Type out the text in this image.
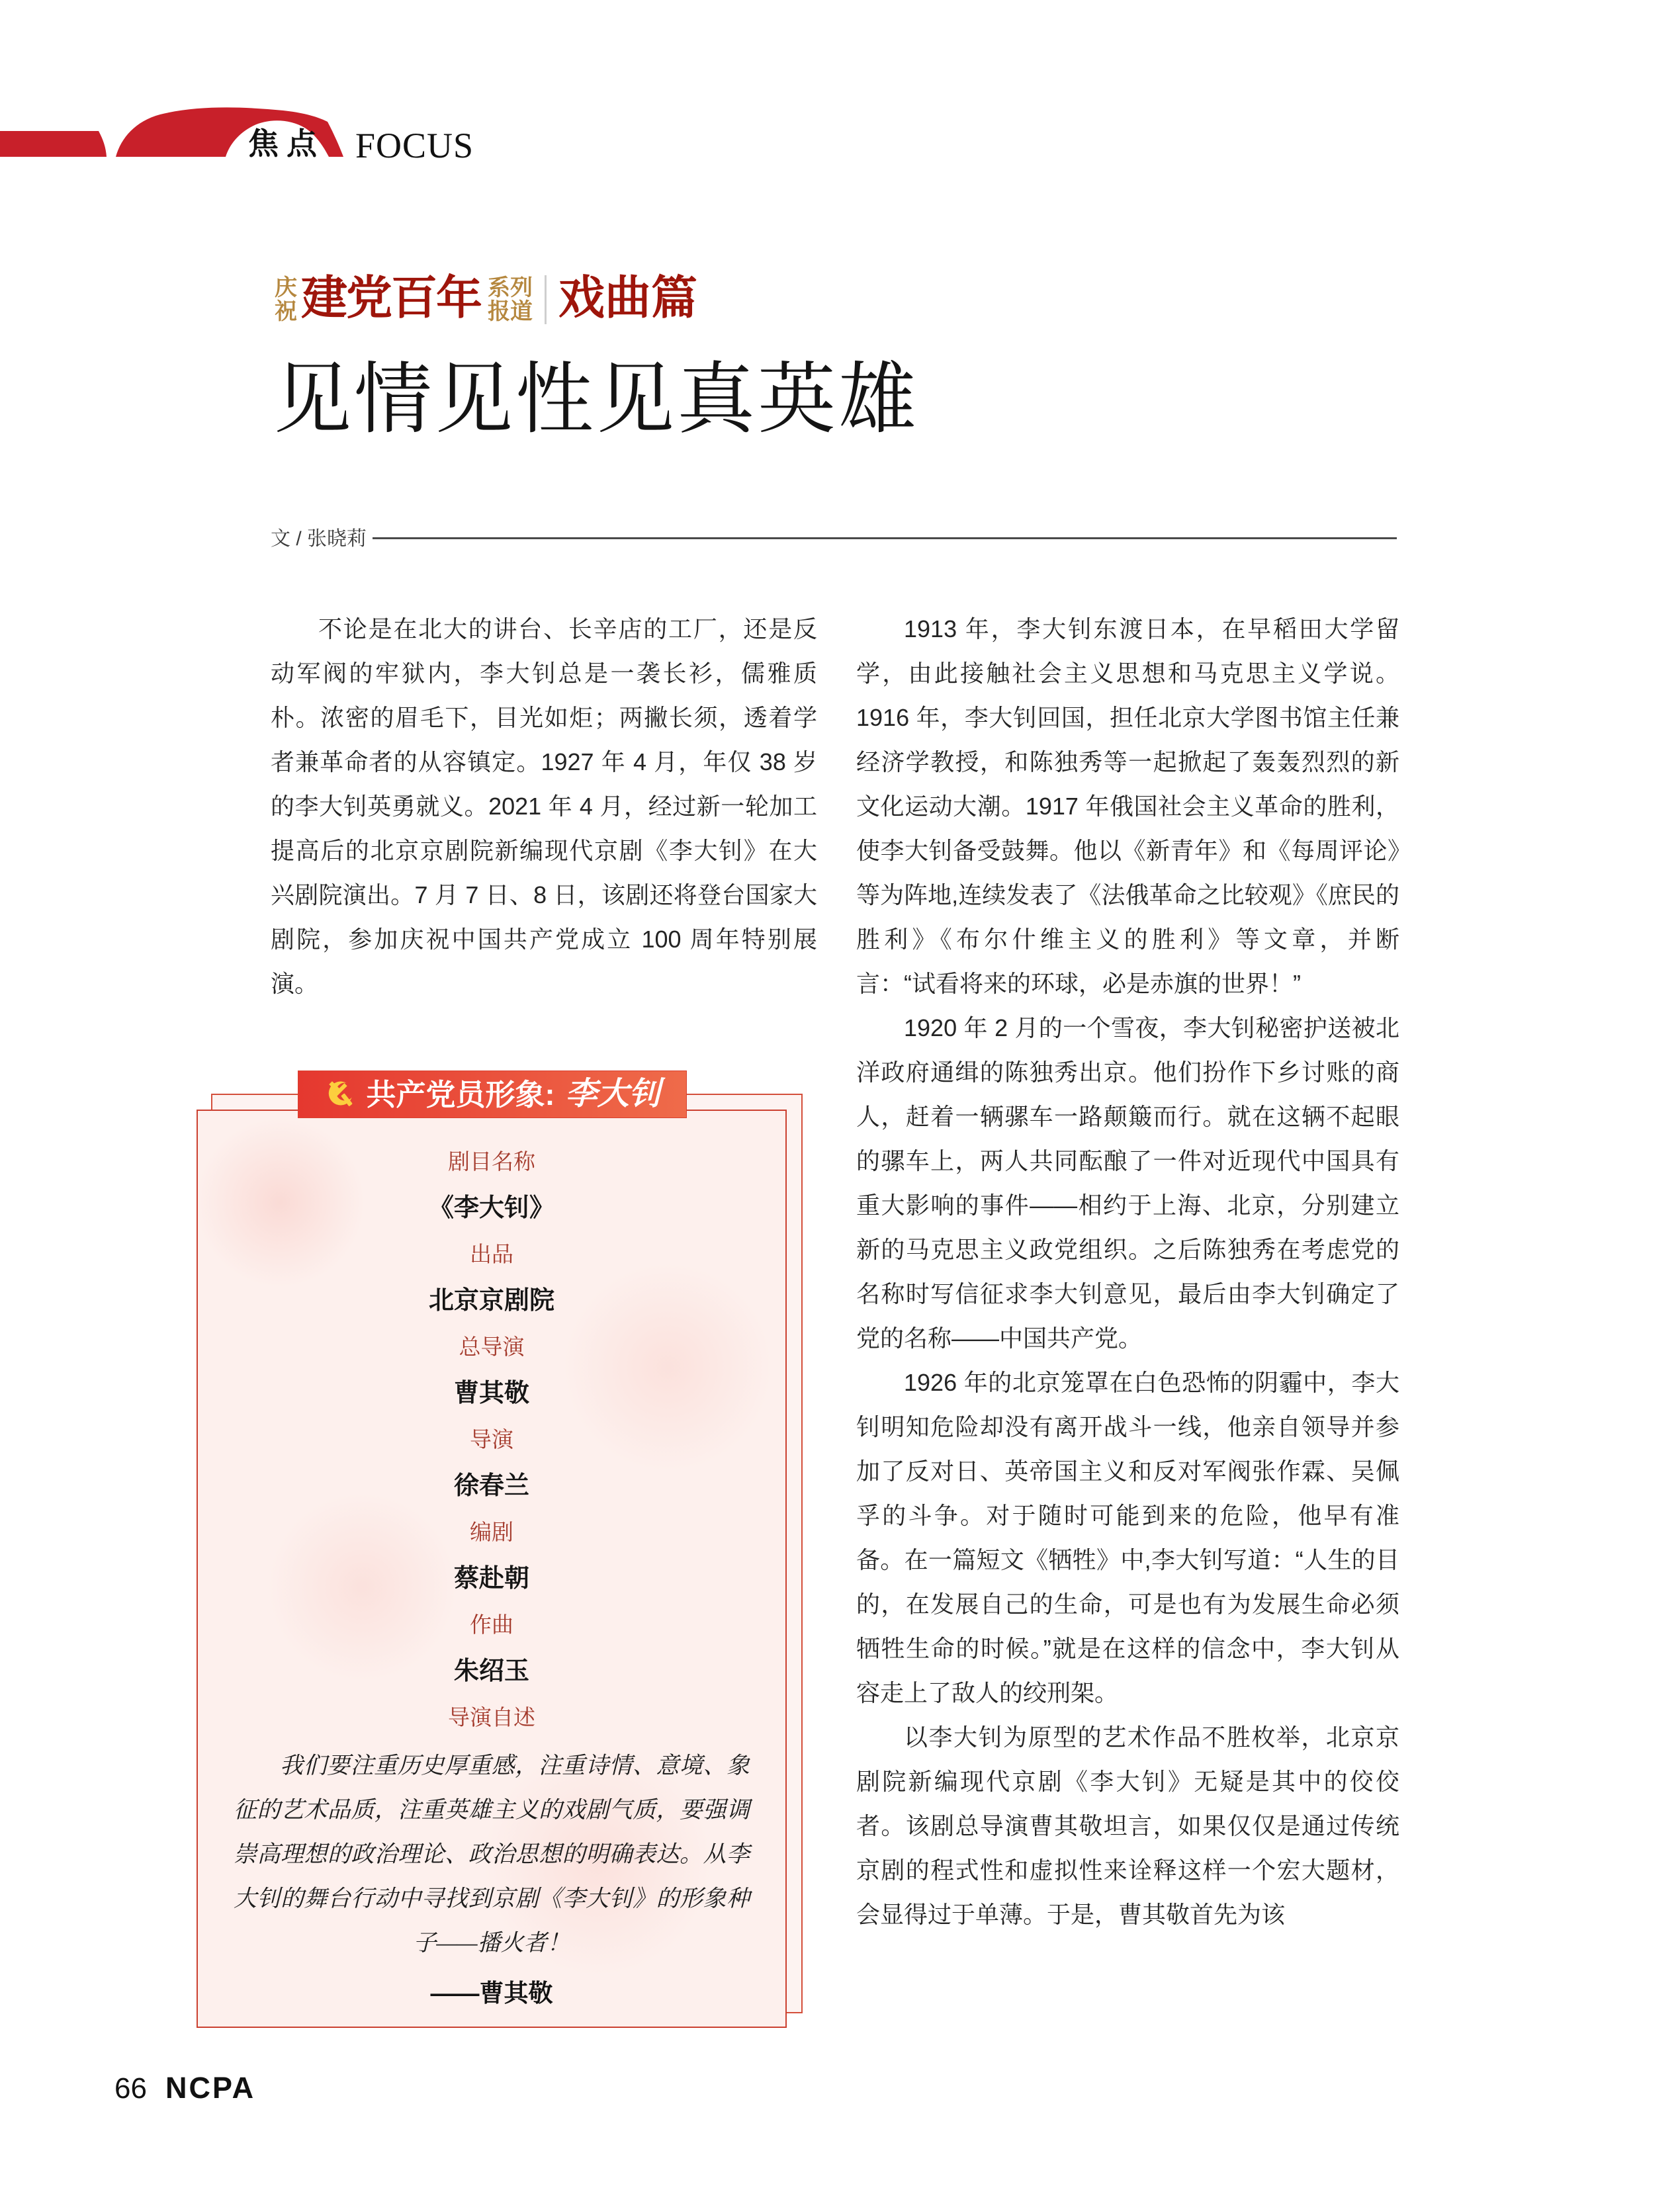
焦点 FOCUS
庆
祝 建党百年 系列
报道 戏曲篇
见情见性见真英雄
文 / 张晓莉

不论是在北大的讲台、长辛店的工厂，还是反动军阀的牢狱内，李大钊总是一袭长衫，儒雅质朴。浓密的眉毛下，目光如炬；两撇长须，透着学者兼革命者的从容镇定。1927 年 4 月，年仅 38 岁的李大钊英勇就义。2021 年 4 月，经过新一轮加工提高后的北京京剧院新编现代京剧《李大钊》在大兴剧院演出。7 月 7 日、8 日，该剧还将登台国家大剧院，参加庆祝中国共产党成立 100 周年特别展演。

1913 年，李大钊东渡日本，在早稻田大学留学，由此接触社会主义思想和马克思主义学说。1916 年，李大钊回国，担任北京大学图书馆主任兼经济学教授，和陈独秀等一起掀起了轰轰烈烈的新文化运动大潮。1917 年俄国社会主义革命的胜利，使李大钊备受鼓舞。他以《新青年》和《每周评论》等为阵地,连续发表了《法俄革命之比较观》《庶民的胜利》《布尔什维主义的胜利》等文章，并断言：“试看将来的环球，必是赤旗的世界！”

1920 年 2 月的一个雪夜，李大钊秘密护送被北洋政府通缉的陈独秀出京。他们扮作下乡讨账的商人，赶着一辆骡车一路颠簸而行。就在这辆不起眼的骡车上，两人共同酝酿了一件对近现代中国具有重大影响的事件——相约于上海、北京，分别建立新的马克思主义政党组织。之后陈独秀在考虑党的名称时写信征求李大钊意见，最后由李大钊确定了党的名称——中国共产党。

1926 年的北京笼罩在白色恐怖的阴霾中，李大钊明知危险却没有离开战斗一线，他亲自领导并参加了反对日、英帝国主义和反对军阀张作霖、吴佩孚的斗争。对于随时可能到来的危险，他早有准备。在一篇短文《牺牲》中,李大钊写道：“人生的目的，在发展自己的生命，可是也有为发展生命必须牺牲生命的时候。”就是在这样的信念中，李大钊从容走上了敌人的绞刑架。

以李大钊为原型的艺术作品不胜枚举，北京京剧院新编现代京剧《李大钊》无疑是其中的佼佼者。该剧总导演曹其敬坦言，如果仅仅是通过传统京剧的程式性和虚拟性来诠释这样一个宏大题材，会显得过于单薄。于是，曹其敬首先为该

剧目名称
《李大钊》
出品
北京京剧院
总导演
曹其敬
导演
徐春兰
编剧
蔡赴朝
作曲
朱绍玉
导演自述

我们要注重历史厚重感，注重诗情、意境、象征的艺术品质，注重英雄主义的戏剧气质，要强调崇高理想的政治理论、政治思想的明确表达。从李大钊的舞台行动中寻找到京剧《李大钊》的形象种子——播火者！

——曹其敬
共产党员形象: 李大钊
66 NCPA
